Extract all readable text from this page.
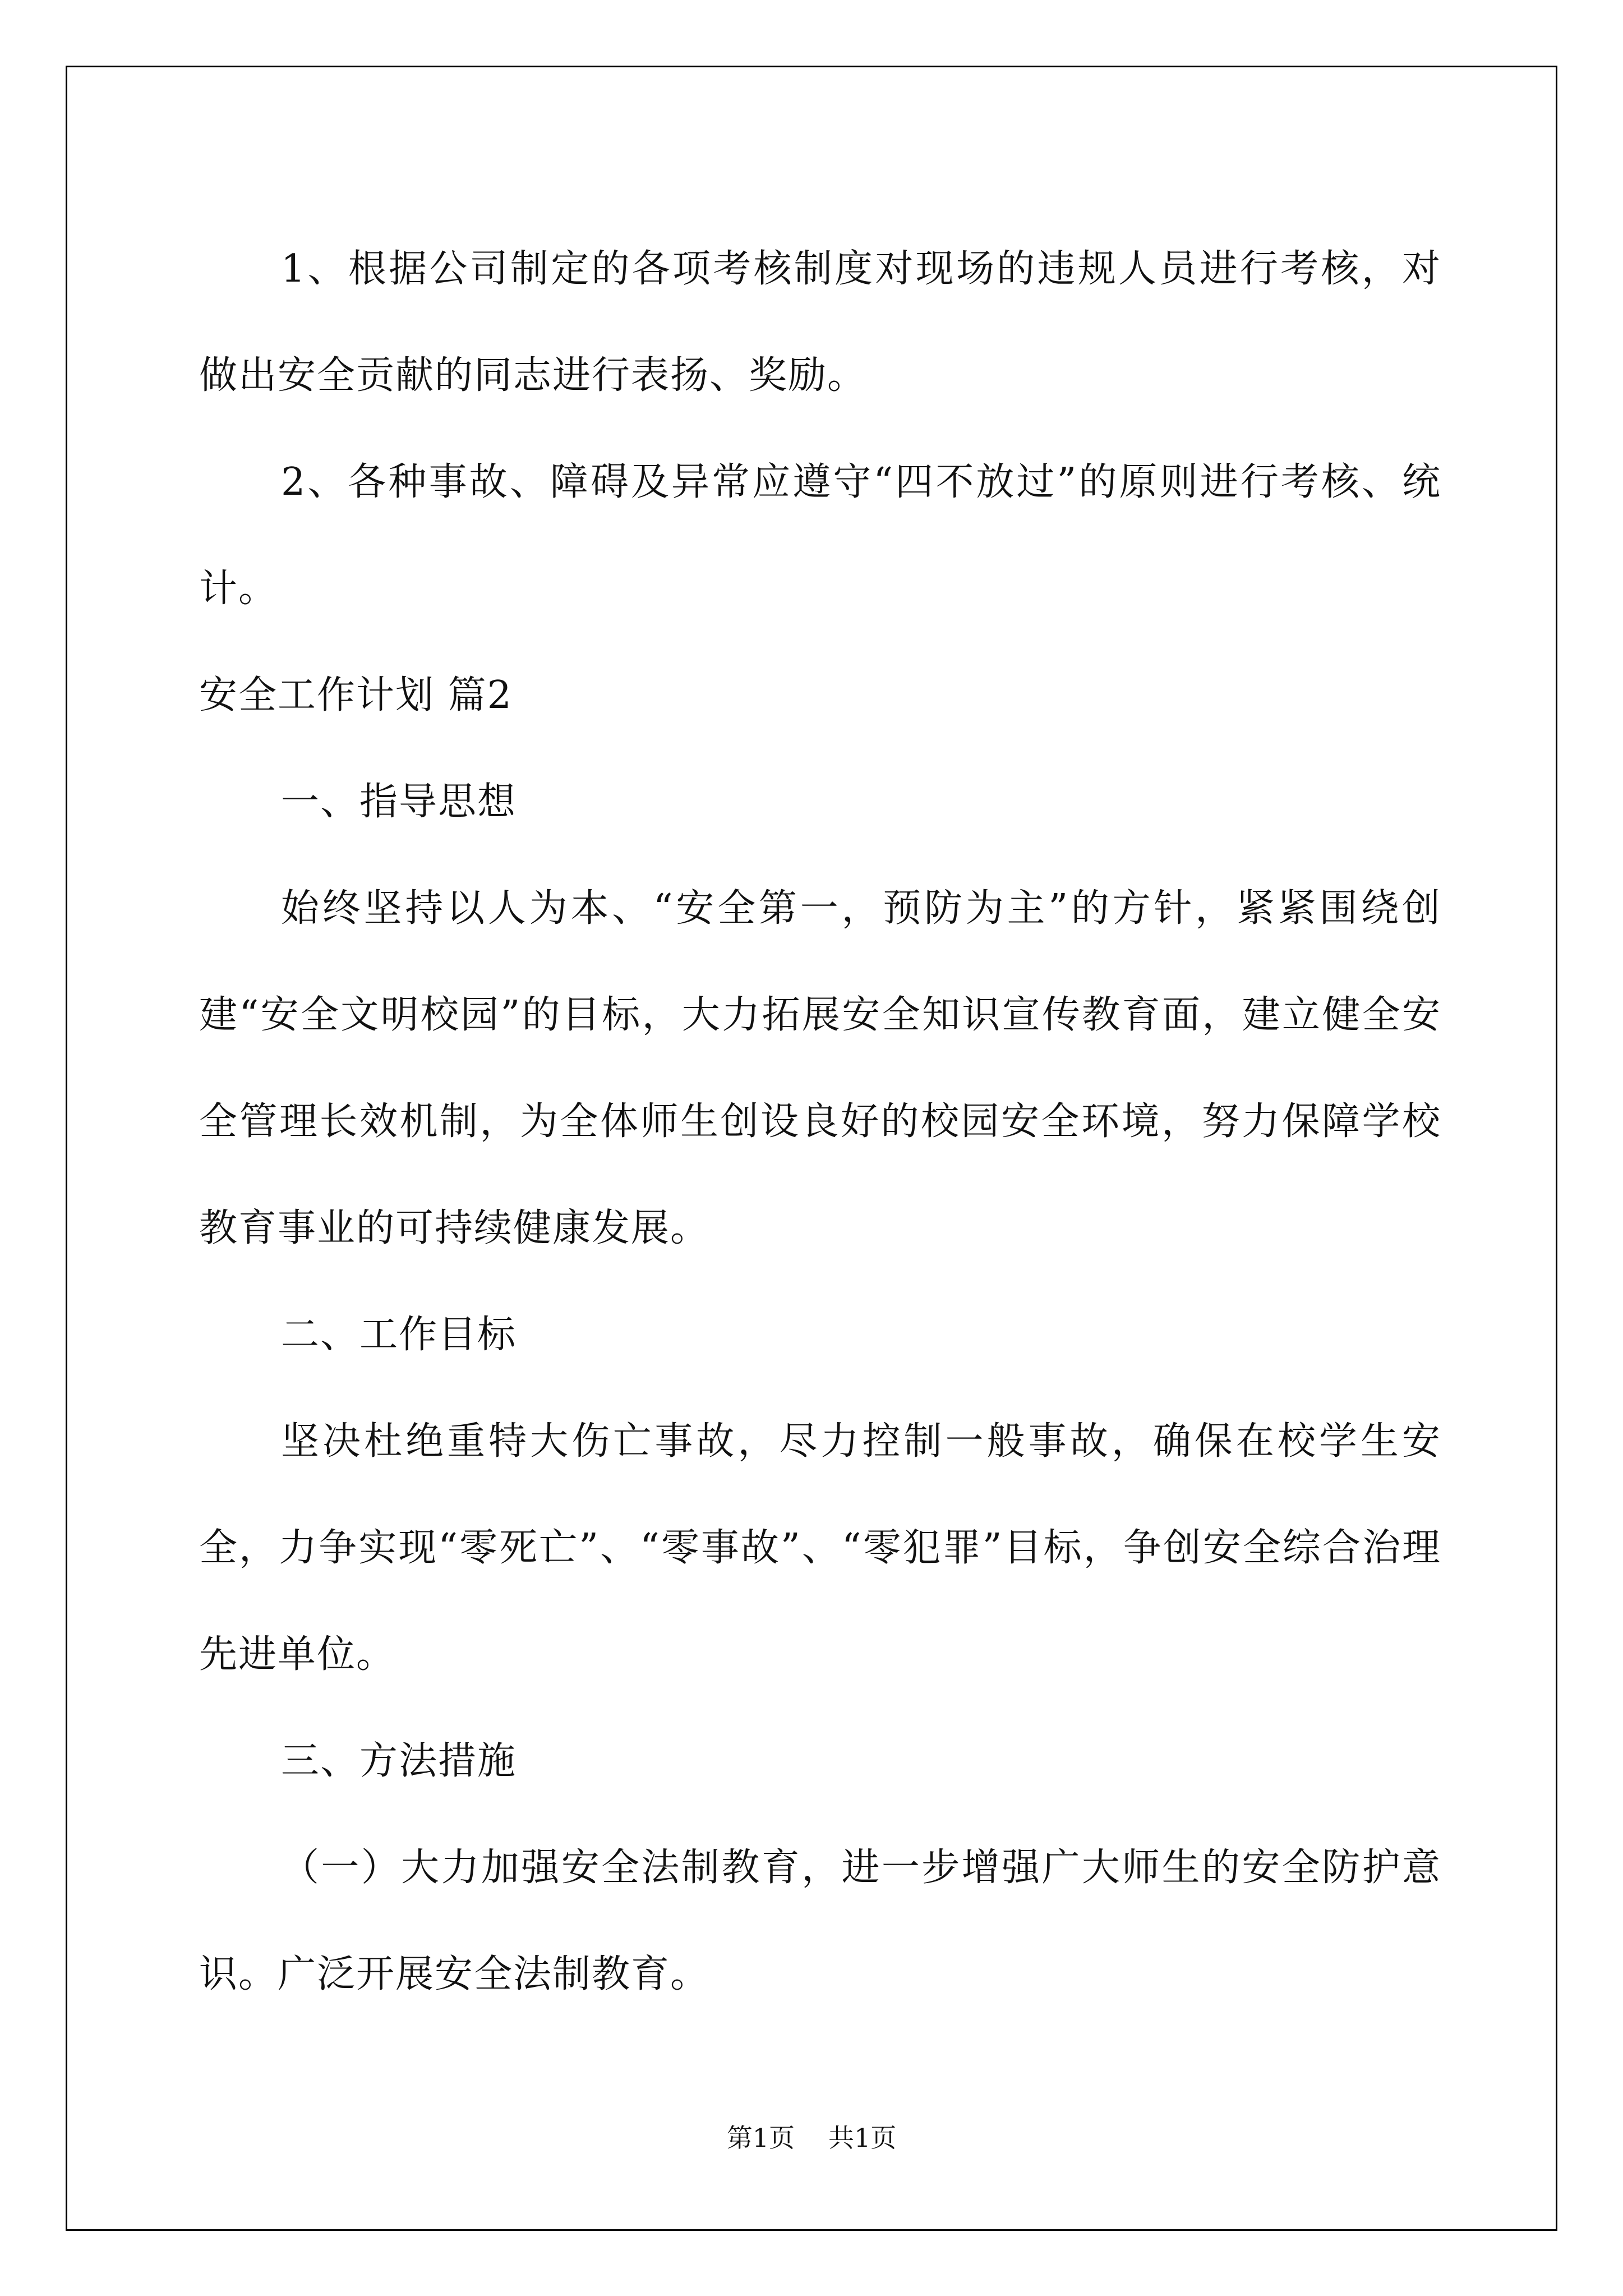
1、根据公司制定的各项考核制度对现场的违规人员进行考核，对做出安全贡献的同志进行表扬、奖励。

2、各种事故、障碍及异常应遵守“四不放过”的原则进行考核、统计。

安全工作计划 篇2

一、指导思想

始终坚持以人为本、“安全第一，预防为主”的方针，紧紧围绕创建“安全文明校园”的目标，大力拓展安全知识宣传教育面，建立健全安全管理长效机制，为全体师生创设良好的校园安全环境，努力保障学校教育事业的可持续健康发展。

二、工作目标

坚决杜绝重特大伤亡事故，尽力控制一般事故，确保在校学生安全，力争实现“零死亡”、“零事故”、“零犯罪”目标，争创安全综合治理先进单位。

三、方法措施

（一）大力加强安全法制教育，进一步增强广大师生的安全防护意识。广泛开展安全法制教育。

第1页 共1页
